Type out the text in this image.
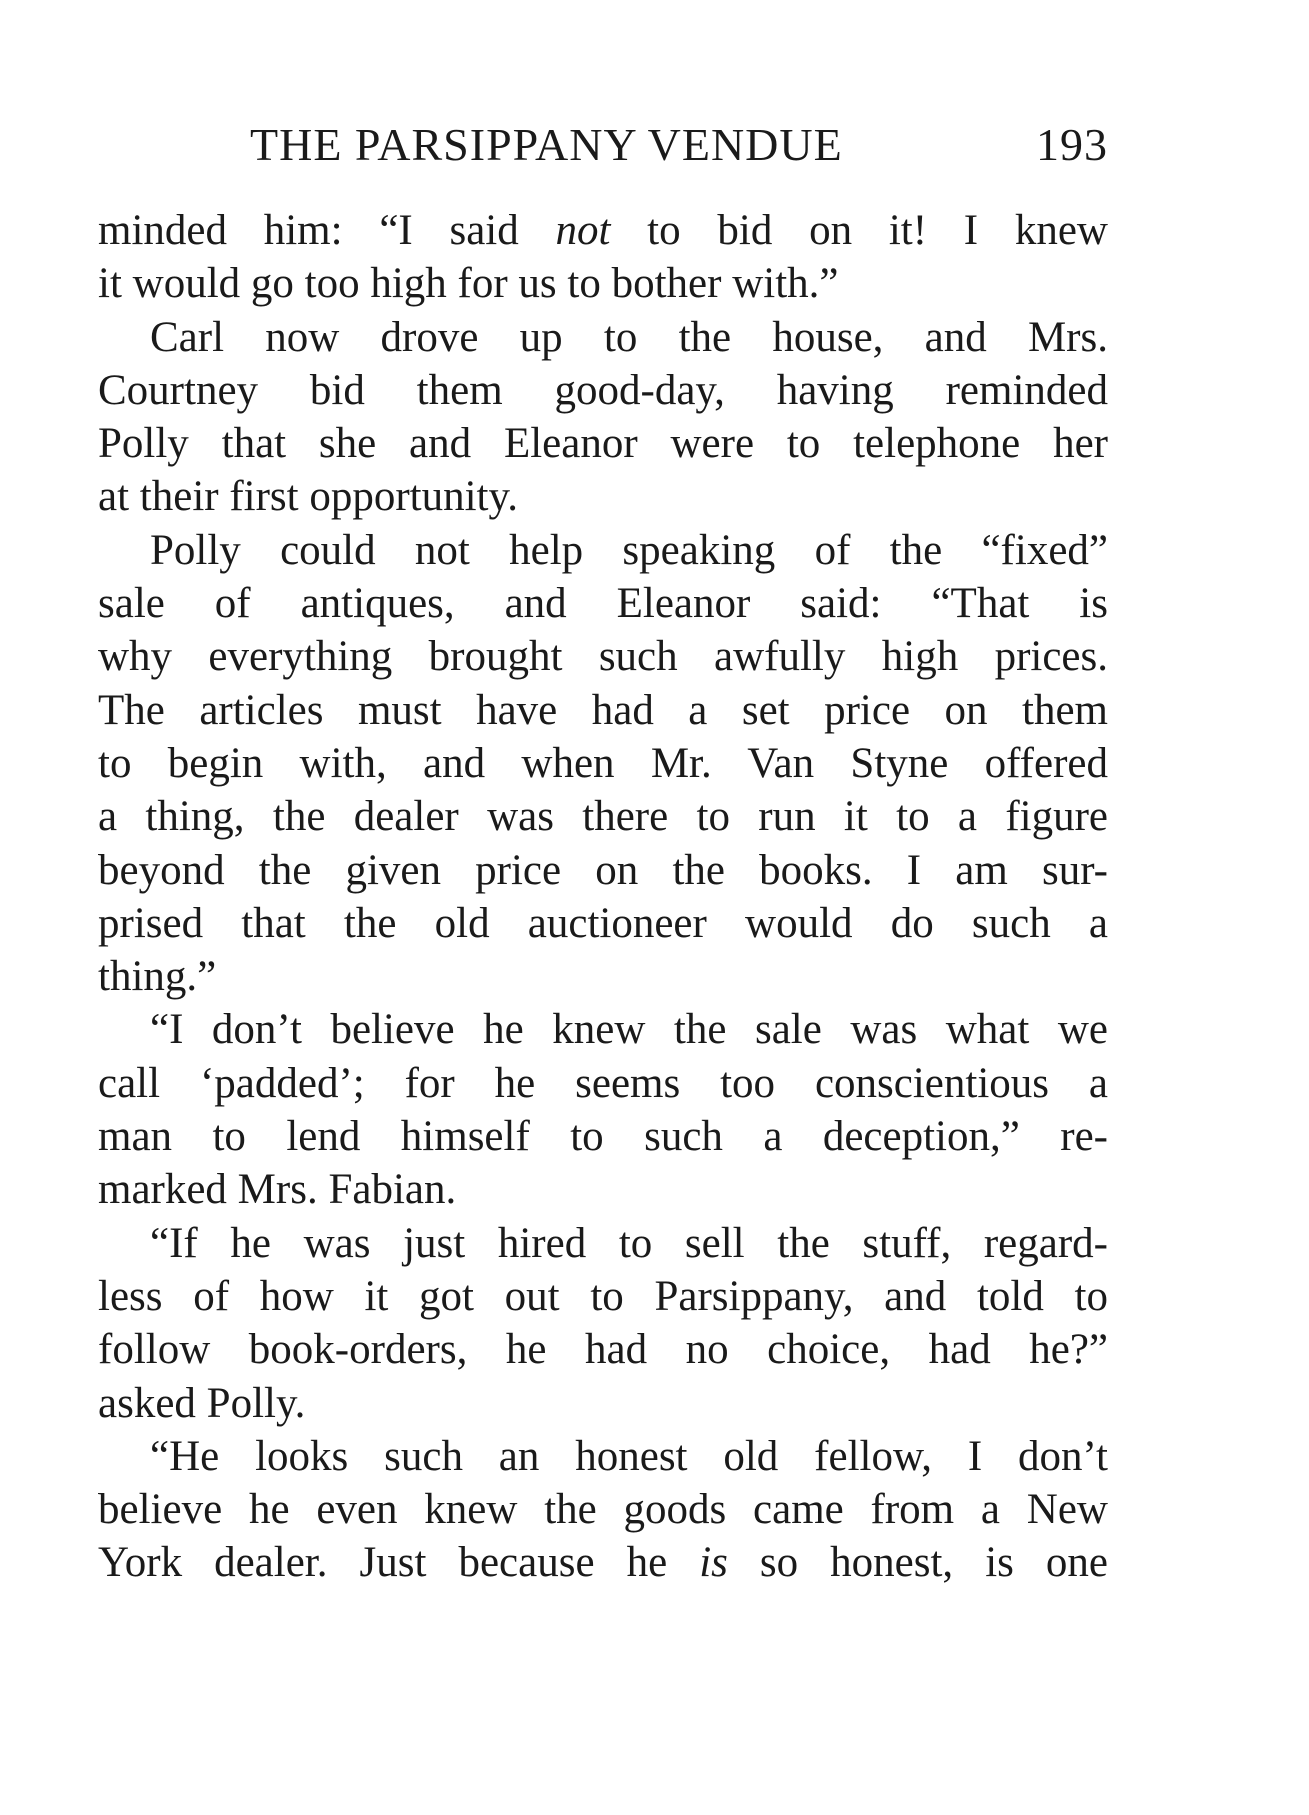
THE PARSIPPANY VENDUE	193
minded him: “I said not to bid on it! I knew
it would go too high for us to bother with.”
Carl now drove up to the house, and Mrs.
Courtney bid them good-day, having reminded
Polly that she and Eleanor were to telephone her
at their first opportunity.
Polly could not help speaking of the “fixed”
sale of antiques, and Eleanor said: “That is
why everything brought such awfully high prices.
The articles must have had a set price on them
to begin with, and when Mr. Van Styne offered
a thing, the dealer was there to run it to a figure
beyond the given price on the books. I am sur-
prised that the old auctioneer would do such a
thing.”
“I don’t believe he knew the sale was what we
call ‘padded’; for he seems too conscientious a
man to lend himself to such a deception,” re-
marked Mrs. Fabian.
“If he was just hired to sell the stuff, regard-
less of how it got out to Parsippany, and told to
follow book-orders, he had no choice, had he?”
asked Polly.
“He looks such an honest old fellow, I don’t
believe he even knew the goods came from a New
York dealer. Just because he is so honest, is one
